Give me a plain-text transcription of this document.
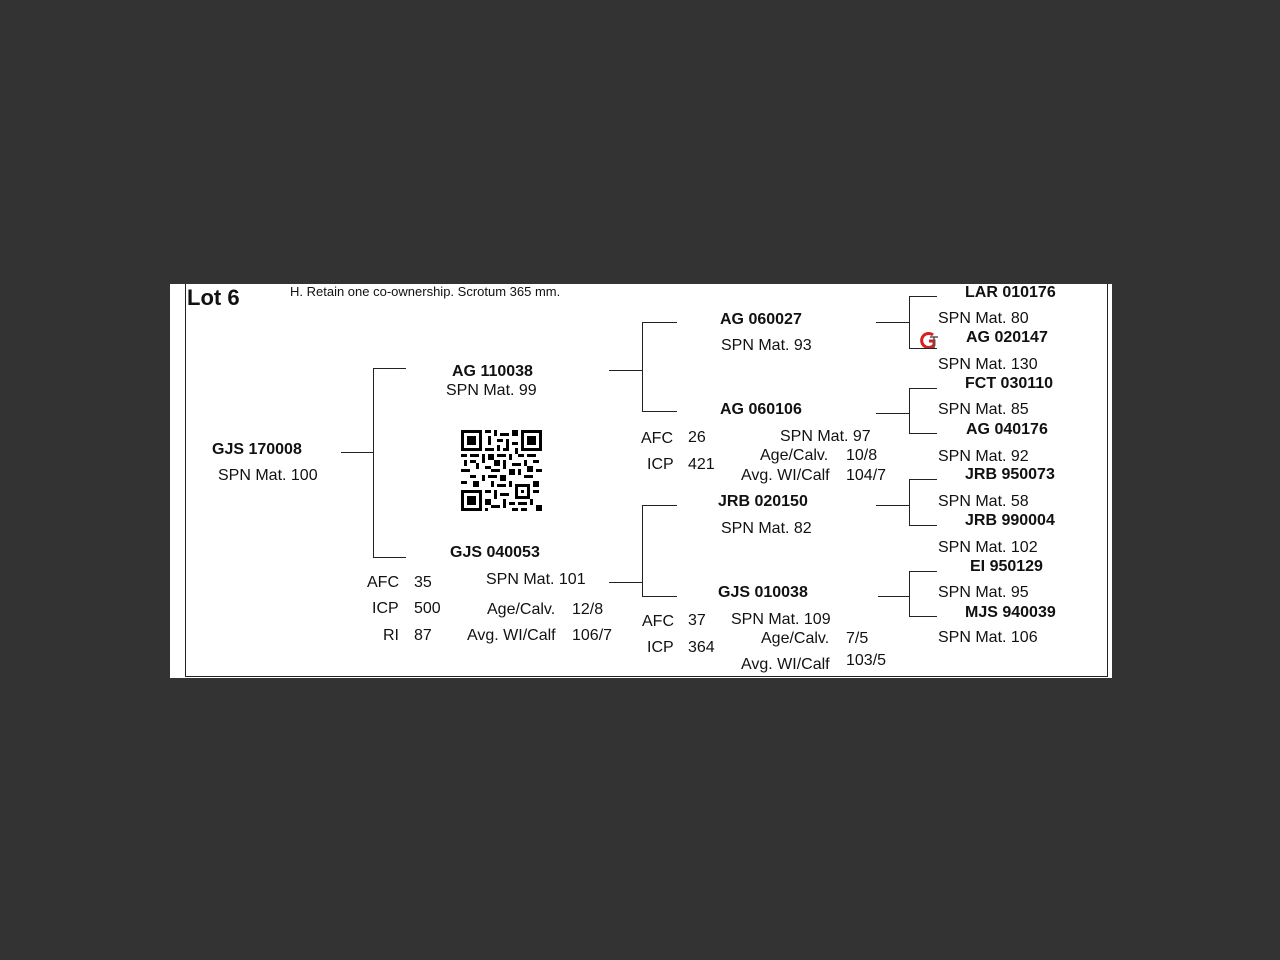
Lot 6	H. Retain one co-ownership. Scrotum 365 mm.
GJS 170008
SPN Mat. 100
AG 110038
SPN Mat. 99
GJS 040053
SPN Mat. 101
AFC 35
ICP 500
RI 87
Age/Calv. 12/8
Avg. WI/Calf 106/7
AG 060027
SPN Mat. 93
AG 060106
SPN Mat. 97
AFC 26
ICP 421
Age/Calv. 10/8
Avg. WI/Calf 104/7
JRB 020150
SPN Mat. 82
GJS 010038
SPN Mat. 109
AFC 37
ICP 364
Age/Calv. 7/5
Avg. WI/Calf 103/5
LAR 010176
SPN Mat. 80
AG 020147
SPN Mat. 130
FCT 030110
SPN Mat. 85
AG 040176
SPN Mat. 92
JRB 950073
SPN Mat. 58
JRB 990004
SPN Mat. 102
EI 950129
SPN Mat. 95
MJS 940039
SPN Mat. 106
